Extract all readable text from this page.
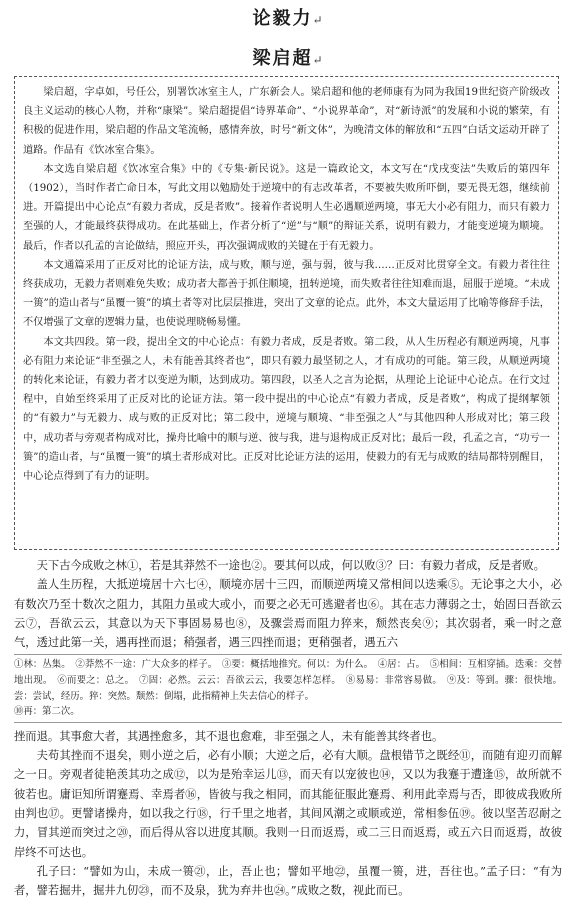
论毅力↵
梁启超↵

梁启超，字卓如，号任公，别署饮冰室主人，广东新会人。梁启超和他的老师康有为同为我国19世纪资产阶级改良主义运动的核心人物，并称“康梁”。梁启超提倡“诗界革命”、“小说界革命”，对“新诗派”的发展和小说的繁荣，有积极的促进作用，梁启超的作品文笔流畅，感情奔放，时号“新文体”，为晚清文体的解放和“五四”白话文运动开辟了道路。作品有《饮冰室合集》。

本文选自梁启超《饮冰室合集》中的《专集·新民说》。这是一篇政论文，本文写在“戊戌变法”失败后的第四年（1902），当时作者亡命日本，写此文用以勉励处于逆境中的有志改革者，不要被失败所吓倒，要无畏无怨，继续前进。开篇提出中心论点“有毅力者成，反是者败”。接着作者说明人生必遇顺逆两境，事无大小必有阻力，而只有毅力至强的人，才能最终获得成功。在此基础上，作者分析了“逆”与“顺”的辩证关系，说明有毅力，才能变逆境为顺境。最后，作者以孔孟的言论做结，照应开头，再次强调成败的关键在于有无毅力。

本文通篇采用了正反对比的论证方法，成与败，顺与逆，强与弱，彼与我……正反对比贯穿全文。有毅力者往往终获成功，无毅力者则难免失败；成功者大都善于抓住顺境，扭转逆境，而失败者往往知难而退，屈服于逆境。“未成一篑”的造山者与“虽覆一篑”的填土者等对比层层推进，突出了文章的论点。此外，本文大量运用了比喻等修辞手法，不仅增强了文章的逻辑力量，也使说理晓畅易懂。

本文共四段。第一段，提出全文的中心论点：有毅力者成，反是者败。第二段，从人生历程必有顺逆两境，凡事必有阻力来论证“非至强之人，未有能善其终者也”，即只有毅力最坚韧之人，才有成功的可能。第三段，从顺逆两境的转化来论证，有毅力者才以变逆为顺，达到成功。第四段，以圣人之言为论据，从理论上论证中心论点。在行文过程中，自始至终采用了正反对比的论证方法。第一段中提出的中心论点“有毅力者成，反是者败”，构成了提纲挈领的“有毅力”与无毅力、成与败的正反对比；第二段中，逆境与顺境、“非至强之人”与其他四种人形成对比；第三段中，成功者与旁观者构成对比，操舟比喻中的顺与逆、彼与我，进与退构成正反对比；最后一段，孔孟之言，“功亏一篑”的造山者，与“虽覆一篑”的填土者形成对比。正反对比论证方法的运用，使毅力的有无与成败的结局都特别醒目，中心论点得到了有力的证明。

天下古今成败之林①，若是其莽然不一途也②。要其何以成，何以败③？曰：有毅力者成，反是者败。

盖人生历程，大抵逆境居十六七④，顺境亦居十三四，而顺逆两境又常相间以迭乘⑤。无论事之大小，必有数次乃至十数次之阻力，其阻力虽或大或小，而要之必无可逃避者也⑥。其在志力薄弱之士，始固曰吾欲云云⑦，吾欲云云，其意以为天下事固易易也⑧，及骤尝焉而阻力猝来，颓然丧矣⑨；其次弱者，乘一时之意气，透过此第一关，遇再挫而退；稍强者，遇三四挫而退；更稍强者，遇五六

①林：丛集。　②莽然不一途：广大众多的样子。　③要：概括地推究。何以：为什么。　④居：占。　⑤相间：互相穿插。迭乘：交替地出现。　⑥而要之：总之。　⑦固：必然。云云：吾欲云云，我要怎样怎样。　⑧易易：非常容易做。　⑨及：等到。骤：很快地。尝：尝试，经历。猝：突然。颓然：倒塌，此指精神上失去信心的样子。

⑩再：第二次。

挫而退。其事愈大者，其遇挫愈多，其不退也愈难，非至强之人，未有能善其终者也。

夫苟其挫而不退矣，则小逆之后，必有小顺；大逆之后，必有大顺。盘根错节之既经⑪，而随有迎刃而解之一日。旁观者徒艳羡其功之成⑫，以为是殆幸运儿⑬，而天有以宠彼也⑭，又以为我蹇于遭逢⑮，故所就不彼若也。庸讵知所谓蹇焉、幸焉者⑯，皆彼与我之相同，而其能征服此蹇焉、利用此幸焉与否，即彼成我败所由判也⑰。更譬诸操舟，如以我之行⑱，行千里之地者，其间风潮之或顺或逆，常相参伍⑲。彼以坚苦忍耐之力，冒其逆而突过之⑳，而后得从容以进度其顺。我则一日而返焉，或二三日而返焉，或五六日而返焉，故彼岸终不可达也。

孔子曰：“譬如为山，未成一篑㉑，止，吾止也；譬如平地㉒，虽覆一篑，进，吾往也。”孟子曰：“有为者，譬若掘井，掘井九仞㉓，而不及泉，犹为弃井也㉔。”成败之数，视此而已。
